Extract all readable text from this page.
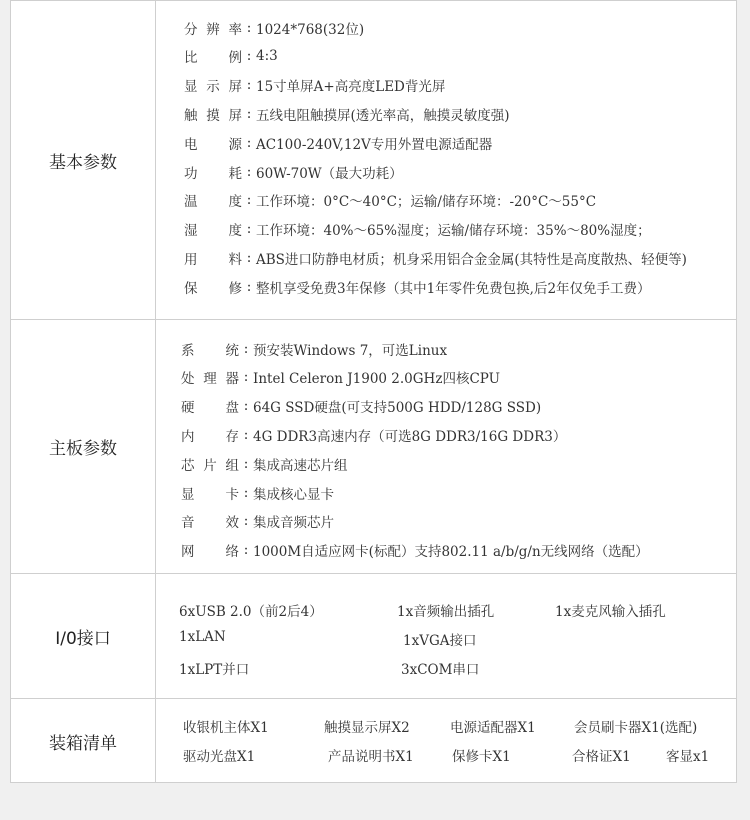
基本参数
分辨率 : 1024*768(32位)
比 例 : 4:3
显示屏 : 15寸单屏A+高亮度LED背光屏
触摸屏 : 五线电阻触摸屏(透光率高，触摸灵敏度强)
电 源 : AC100-240V,12V专用外置电源适配器
功 耗 : 60W-70W（最大功耗）
温 度 : 工作环境：0°C～40°C；运输/储存环境：-20°C～55°C
湿 度 : 工作环境：40%～65%湿度；运输/储存环境：35%～80%湿度；
用 料 : ABS进口防静电材质；机身采用铝合金金属(其特性是高度散热、轻便等)
保 修 : 整机享受免费3年保修（其中1年零件免费包换,后2年仅免手工费）
主板参数
系 统 : 预安装Windows 7，可选Linux
处理器 : Intel Celeron J1900 2.0GHz四核CPU
硬 盘 : 64G SSD硬盘(可支持500G HDD/128G SSD)
内 存 : 4G DDR3高速内存（可选8G DDR3/16G DDR3）
芯片组 : 集成高速芯片组
显 卡 : 集成核心显卡
音 效 : 集成音频芯片
网 络 : 1000M自适应网卡(标配）支持802.11 a/b/g/n无线网络（选配）
I/0接口
6xUSB 2.0（前2后4）	1x音频输出插孔	1x麦克风输入插孔
1xLAN	1xVGA接口
1xLPT并口	3xCOM串口
装箱清单
收银机主体X1	触摸显示屏X2	电源适配器X1	会员刷卡器X1(选配)
驱动光盘X1	产品说明书X1	保修卡X1	合格证X1	客显x1
